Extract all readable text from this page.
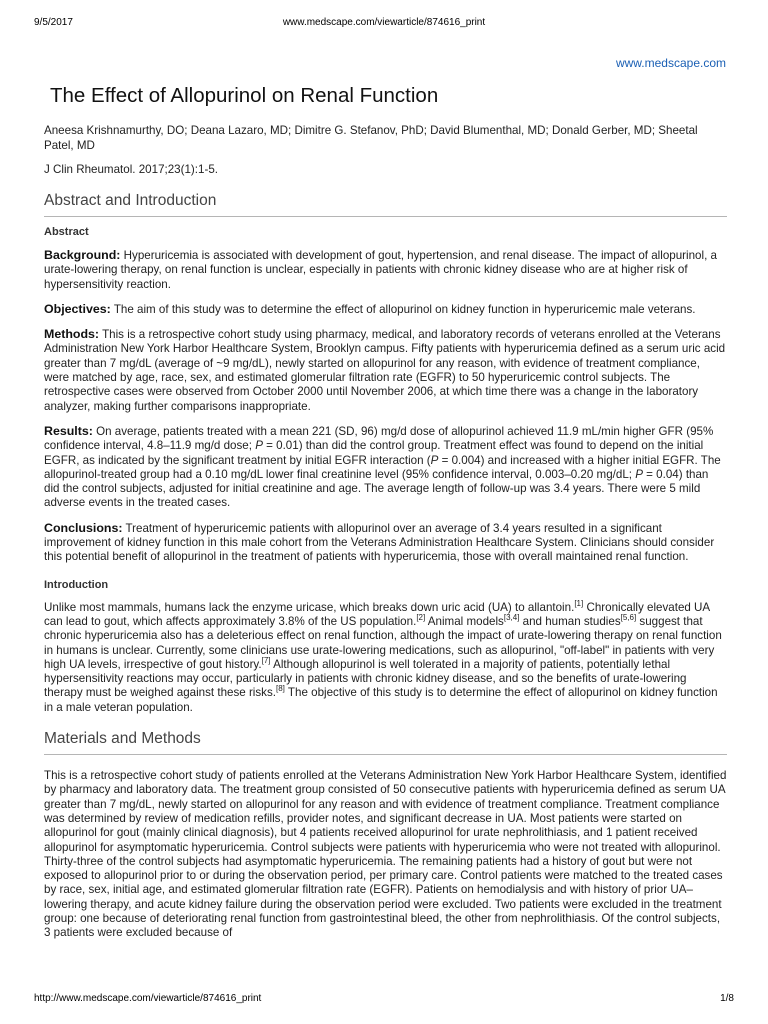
9/5/2017	www.medscape.com/viewarticle/874616_print
www.medscape.com
The Effect of Allopurinol on Renal Function
Aneesa Krishnamurthy, DO; Deana Lazaro, MD; Dimitre G. Stefanov, PhD; David Blumenthal, MD; Donald Gerber, MD; Sheetal Patel, MD
J Clin Rheumatol. 2017;23(1):1-5.
Abstract and Introduction
Abstract

Background: Hyperuricemia is associated with development of gout, hypertension, and renal disease. The impact of allopurinol, a urate-lowering therapy, on renal function is unclear, especially in patients with chronic kidney disease who are at higher risk of hypersensitivity reaction.

Objectives: The aim of this study was to determine the effect of allopurinol on kidney function in hyperuricemic male veterans.

Methods: This is a retrospective cohort study using pharmacy, medical, and laboratory records of veterans enrolled at the Veterans Administration New York Harbor Healthcare System, Brooklyn campus. Fifty patients with hyperuricemia defined as a serum uric acid greater than 7 mg/dL (average of ~9 mg/dL), newly started on allopurinol for any reason, with evidence of treatment compliance, were matched by age, race, sex, and estimated glomerular filtration rate (EGFR) to 50 hyperuricemic control subjects. The retrospective cases were observed from October 2000 until November 2006, at which time there was a change in the laboratory analyzer, making further comparisons inappropriate.

Results: On average, patients treated with a mean 221 (SD, 96) mg/d dose of allopurinol achieved 11.9 mL/min higher GFR (95% confidence interval, 4.8–11.9 mg/d dose; P = 0.01) than did the control group. Treatment effect was found to depend on the initial EGFR, as indicated by the significant treatment by initial EGFR interaction (P = 0.004) and increased with a higher initial EGFR. The allopurinol-treated group had a 0.10 mg/dL lower final creatinine level (95% confidence interval, 0.003–0.20 mg/dL; P = 0.04) than did the control subjects, adjusted for initial creatinine and age. The average length of follow-up was 3.4 years. There were 5 mild adverse events in the treated cases.

Conclusions: Treatment of hyperuricemic patients with allopurinol over an average of 3.4 years resulted in a significant improvement of kidney function in this male cohort from the Veterans Administration Healthcare System. Clinicians should consider this potential benefit of allopurinol in the treatment of patients with hyperuricemia, those with overall maintained renal function.

Introduction

Unlike most mammals, humans lack the enzyme uricase, which breaks down uric acid (UA) to allantoin.[1] Chronically elevated UA can lead to gout, which affects approximately 3.8% of the US population.[2] Animal models[3,4] and human studies[5,6] suggest that chronic hyperuricemia also has a deleterious effect on renal function, although the impact of urate-lowering therapy on renal function in humans is unclear. Currently, some clinicians use urate-lowering medications, such as allopurinol, "off-label" in patients with very high UA levels, irrespective of gout history.[7] Although allopurinol is well tolerated in a majority of patients, potentially lethal hypersensitivity reactions may occur, particularly in patients with chronic kidney disease, and so the benefits of urate-lowering therapy must be weighed against these risks.[8] The objective of this study is to determine the effect of allopurinol on kidney function in a male veteran population.

Materials and Methods

This is a retrospective cohort study of patients enrolled at the Veterans Administration New York Harbor Healthcare System, identified by pharmacy and laboratory data. The treatment group consisted of 50 consecutive patients with hyperuricemia defined as serum UA greater than 7 mg/dL, newly started on allopurinol for any reason and with evidence of treatment compliance. Treatment compliance was determined by review of medication refills, provider notes, and significant decrease in UA. Most patients were started on allopurinol for gout (mainly clinical diagnosis), but 4 patients received allopurinol for urate nephrolithiasis, and 1 patient received allopurinol for asymptomatic hyperuricemia. Control subjects were patients with hyperuricemia who were not treated with allopurinol. Thirty-three of the control subjects had asymptomatic hyperuricemia. The remaining patients had a history of gout but were not exposed to allopurinol prior to or during the observation period, per primary care. Control patients were matched to the treated cases by race, sex, initial age, and estimated glomerular filtration rate (EGFR). Patients on hemodialysis and with history of prior UA–lowering therapy, and acute kidney failure during the observation period were excluded. Two patients were excluded in the treatment group: one because of deteriorating renal function from gastrointestinal bleed, the other from nephrolithiasis. Of the control subjects, 3 patients were excluded because of

http://www.medscape.com/viewarticle/874616_print	1/8
